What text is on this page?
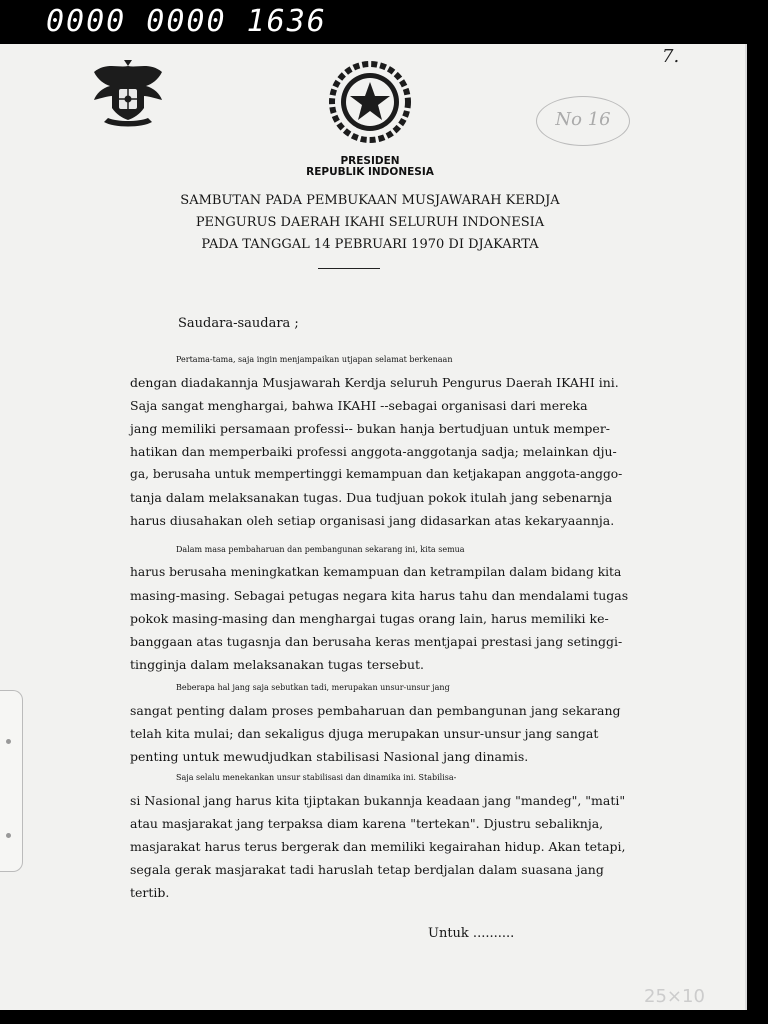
0000 0000 1636
7.
No 16
PRESIDEN
REPUBLIK INDONESIA
SAMBUTAN PADA PEMBUKAAN MUSJAWARAH KERDJA
PENGURUS DAERAH IKAHI SELURUH INDONESIA
PADA TANGGAL 14 PEBRUARI 1970 DI DJAKARTA
Saudara-saudara ;

Pertama-tama, saja ingin menjampaikan utjapan selamat berkenaan
dengan diadakannja Musjawarah Kerdja seluruh Pengurus Daerah IKAHI ini.
Saja sangat menghargai, bahwa IKAHI --sebagai organisasi dari mereka
jang memiliki persamaan professi-- bukan hanja bertudjuan untuk memper-
hatikan dan memperbaiki professi anggota-anggotanja sadja; melainkan dju-
ga, berusaha untuk mempertinggi kemampuan dan ketjakapan anggota-anggo-
tanja dalam melaksanakan tugas. Dua tudjuan pokok itulah jang sebenarnja
harus diusahakan oleh setiap organisasi jang didasarkan atas kekaryaannja.

Dalam masa pembaharuan dan pembangunan sekarang ini, kita semua
harus berusaha meningkatkan kemampuan dan ketrampilan dalam bidang kita
masing-masing. Sebagai petugas negara kita harus tahu dan mendalami tugas
pokok masing-masing dan menghargai tugas orang lain, harus memiliki ke-
banggaan atas tugasnja dan berusaha keras mentjapai prestasi jang setinggi-
tingginja dalam melaksanakan tugas tersebut.

Beberapa hal jang saja sebutkan tadi, merupakan unsur-unsur jang
sangat penting dalam proses pembaharuan dan pembangunan jang sekarang
telah kita mulai; dan sekaligus djuga merupakan unsur-unsur jang sangat
penting untuk mewudjudkan stabilisasi Nasional jang dinamis.

Saja selalu menekankan unsur stabilisasi dan dinamika ini. Stabilisa-
si Nasional jang harus kita tjiptakan bukannja keadaan jang "mandeg", "mati"
atau masjarakat jang terpaksa diam karena "tertekan". Djustru sebaliknja,
masjarakat harus terus bergerak dan memiliki kegairahan hidup. Akan tetapi,
segala gerak masjarakat tadi haruslah tetap berdjalan dalam suasana jang
tertib.

Untuk ..........
25×10
